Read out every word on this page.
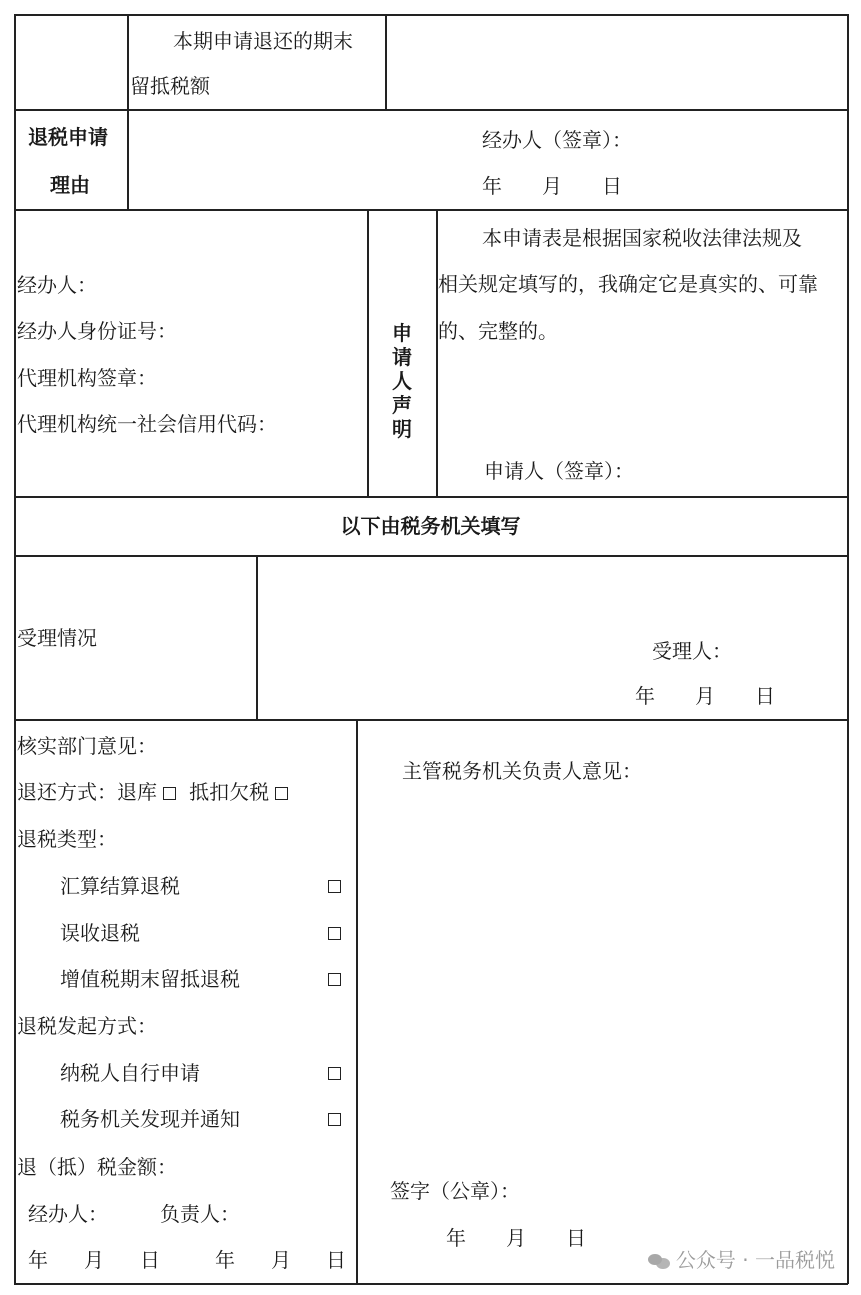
本期申请退还的期末
留抵税额
退税申请
理由
经办人（签章）：
年　　月　　日
经办人：
经办人身份证号：
代理机构签章：
代理机构统一社会信用代码：
申请人声明
本申请表是根据国家税收法律法规及
相关规定填写的，我确定它是真实的、可靠
的、完整的。
申请人（签章）：
以下由税务机关填写
受理情况
受理人：
年　　月　　日
核实部门意见：
退还方式：退库 抵扣欠税
退税类型：
汇算结算退税
误收退税
增值税期末留抵退税
退税发起方式：
纳税人自行申请
税务机关发现并通知
退（抵）税金额：
经办人：	负责人：
年 月 日	年 月 日
主管税务机关负责人意见：
签字（公章）：
年　　月　　日
公众号 · 一品税悦
